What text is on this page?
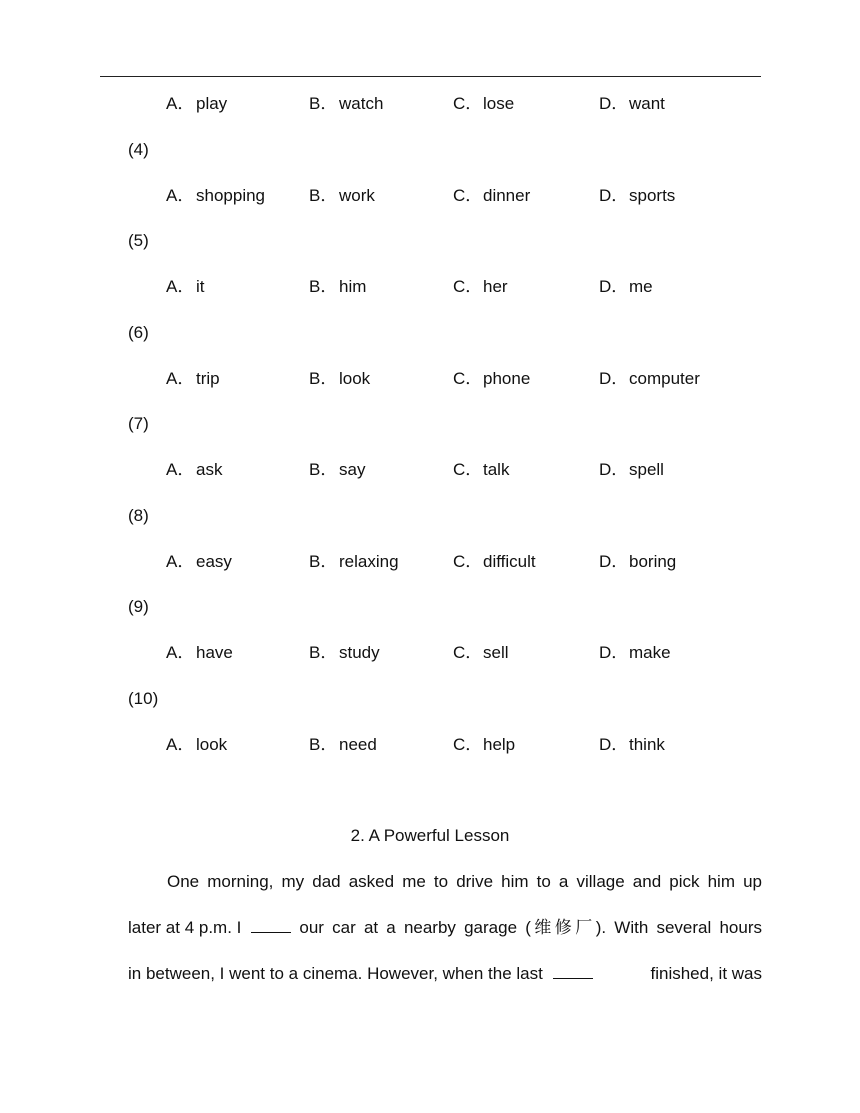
A．play	B．watch	C．lose	D．want
(4)
A．shopping	B．work	C．dinner	D．sports
(5)
A．it	B．him	C．her	D．me
(6)
A．trip	B．look	C．phone	D．computer
(7)
A．ask	B．say	C．talk	D．spell
(8)
A．easy	B．relaxing	C．difficult	D．boring
(9)
A．have	B．study	C．sell	D．make
(10)
A．look	B．need	C．help	D．think
2. A Powerful Lesson
One morning, my dad asked me to drive him to a village and pick him up
later at 4 p.m. I	our car at a nearby garage (维修厂). With several hours
in between, I went to a cinema. However, when the last	finished, it was
